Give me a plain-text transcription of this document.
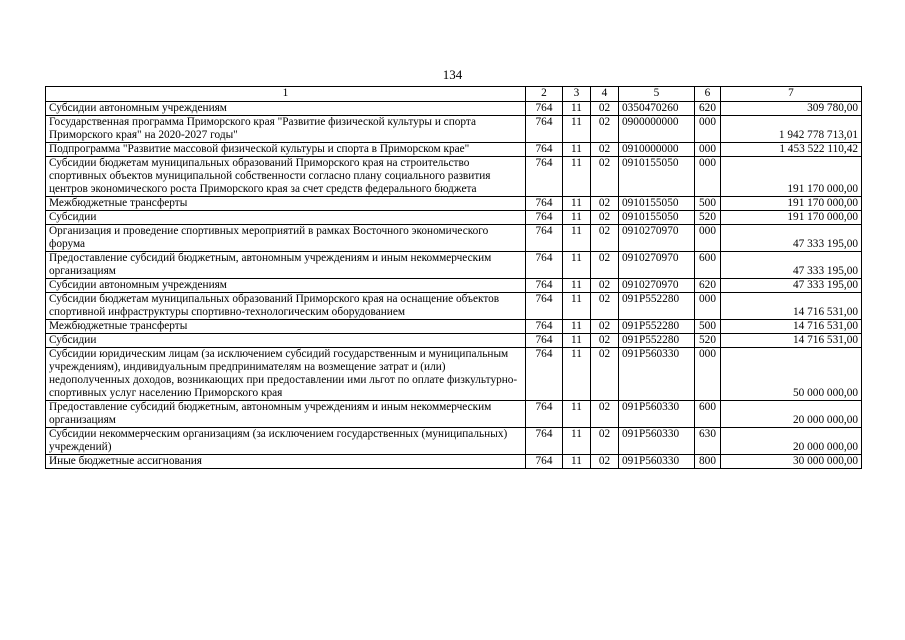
134
1	2	3	4	5	6	7
Субсидии автономным учреждениям	764	11	02	0350470260	620	309 780,00
Государственная программа Приморского края "Развитие физической культуры и спорта Приморского края" на 2020-2027 годы"	764	11	02	0900000000	000	1 942 778 713,01
Подпрограмма "Развитие массовой физической культуры и спорта в Приморском крае"	764	11	02	0910000000	000	1 453 522 110,42
Субсидии бюджетам муниципальных образований Приморского края на строительство спортивных объектов муниципальной собственности согласно плану социального развития центров экономического роста Приморского края за счет средств федерального бюджета	764	11	02	0910155050	000	191 170 000,00
Межбюджетные трансферты	764	11	02	0910155050	500	191 170 000,00
Субсидии	764	11	02	0910155050	520	191 170 000,00
Организация и проведение спортивных мероприятий в рамках Восточного экономического форума	764	11	02	0910270970	000	47 333 195,00
Предоставление субсидий бюджетным, автономным учреждениям и иным некоммерческим организациям	764	11	02	0910270970	600	47 333 195,00
Субсидии автономным учреждениям	764	11	02	0910270970	620	47 333 195,00
Субсидии бюджетам муниципальных образований Приморского края на оснащение объектов спортивной инфраструктуры спортивно-технологическим оборудованием	764	11	02	091P552280	000	14 716 531,00
Межбюджетные трансферты	764	11	02	091P552280	500	14 716 531,00
Субсидии	764	11	02	091P552280	520	14 716 531,00
Субсидии юридическим лицам (за исключением субсидий государственным и муниципальным учреждениям), индивидуальным предпринимателям на возмещение затрат и (или) недополученных доходов, возникающих при предоставлении ими льгот по оплате физкультурно-спортивных услуг населению Приморского края	764	11	02	091P560330	000	50 000 000,00
Предоставление субсидий бюджетным, автономным учреждениям и иным некоммерческим организациям	764	11	02	091P560330	600	20 000 000,00
Субсидии некоммерческим организациям (за исключением государственных (муниципальных) учреждений)	764	11	02	091P560330	630	20 000 000,00
Иные бюджетные ассигнования	764	11	02	091P560330	800	30 000 000,00
